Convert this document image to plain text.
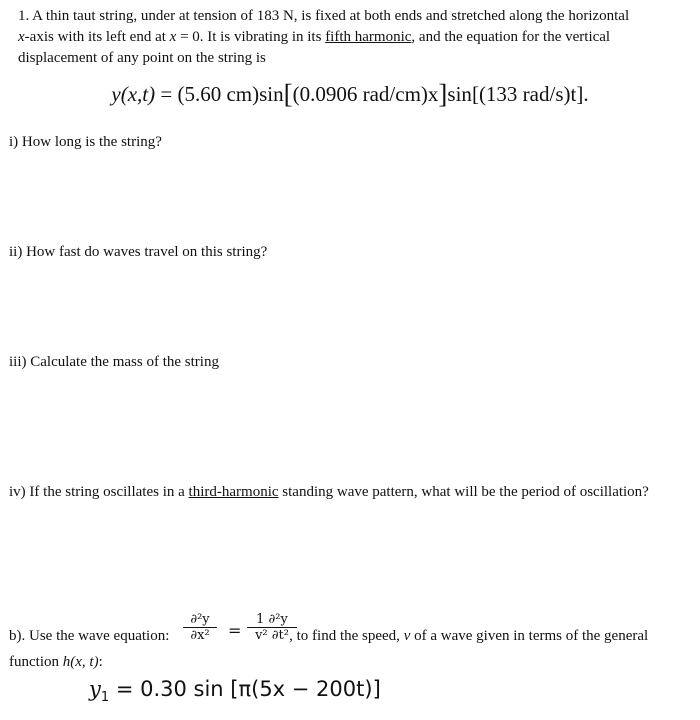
1. A thin taut string, under at tension of 183 N, is fixed at both ends and stretched along the horizontal
x-axis with its left end at x = 0. It is vibrating in its fifth harmonic, and the equation for the vertical
displacement of any point on the string is
y(x,t) = (5.60 cm)sin[(0.0906 rad/cm)x]sin[(133 rad/s)t].
i) How long is the string?
ii) How fast do waves travel on this string?
iii) Calculate the mass of the string
iv) If the string oscillates in a third-harmonic standing wave pattern, what will be the period of oscillation?
b). Use the wave equation:	, to find the speed, v of a wave given in terms of the general
∂²y
∂x²	=
1 ∂²y
v² ∂t²
function h(x, t):
$y_1 = 0.30$ sin [π(5x − 200t)]
